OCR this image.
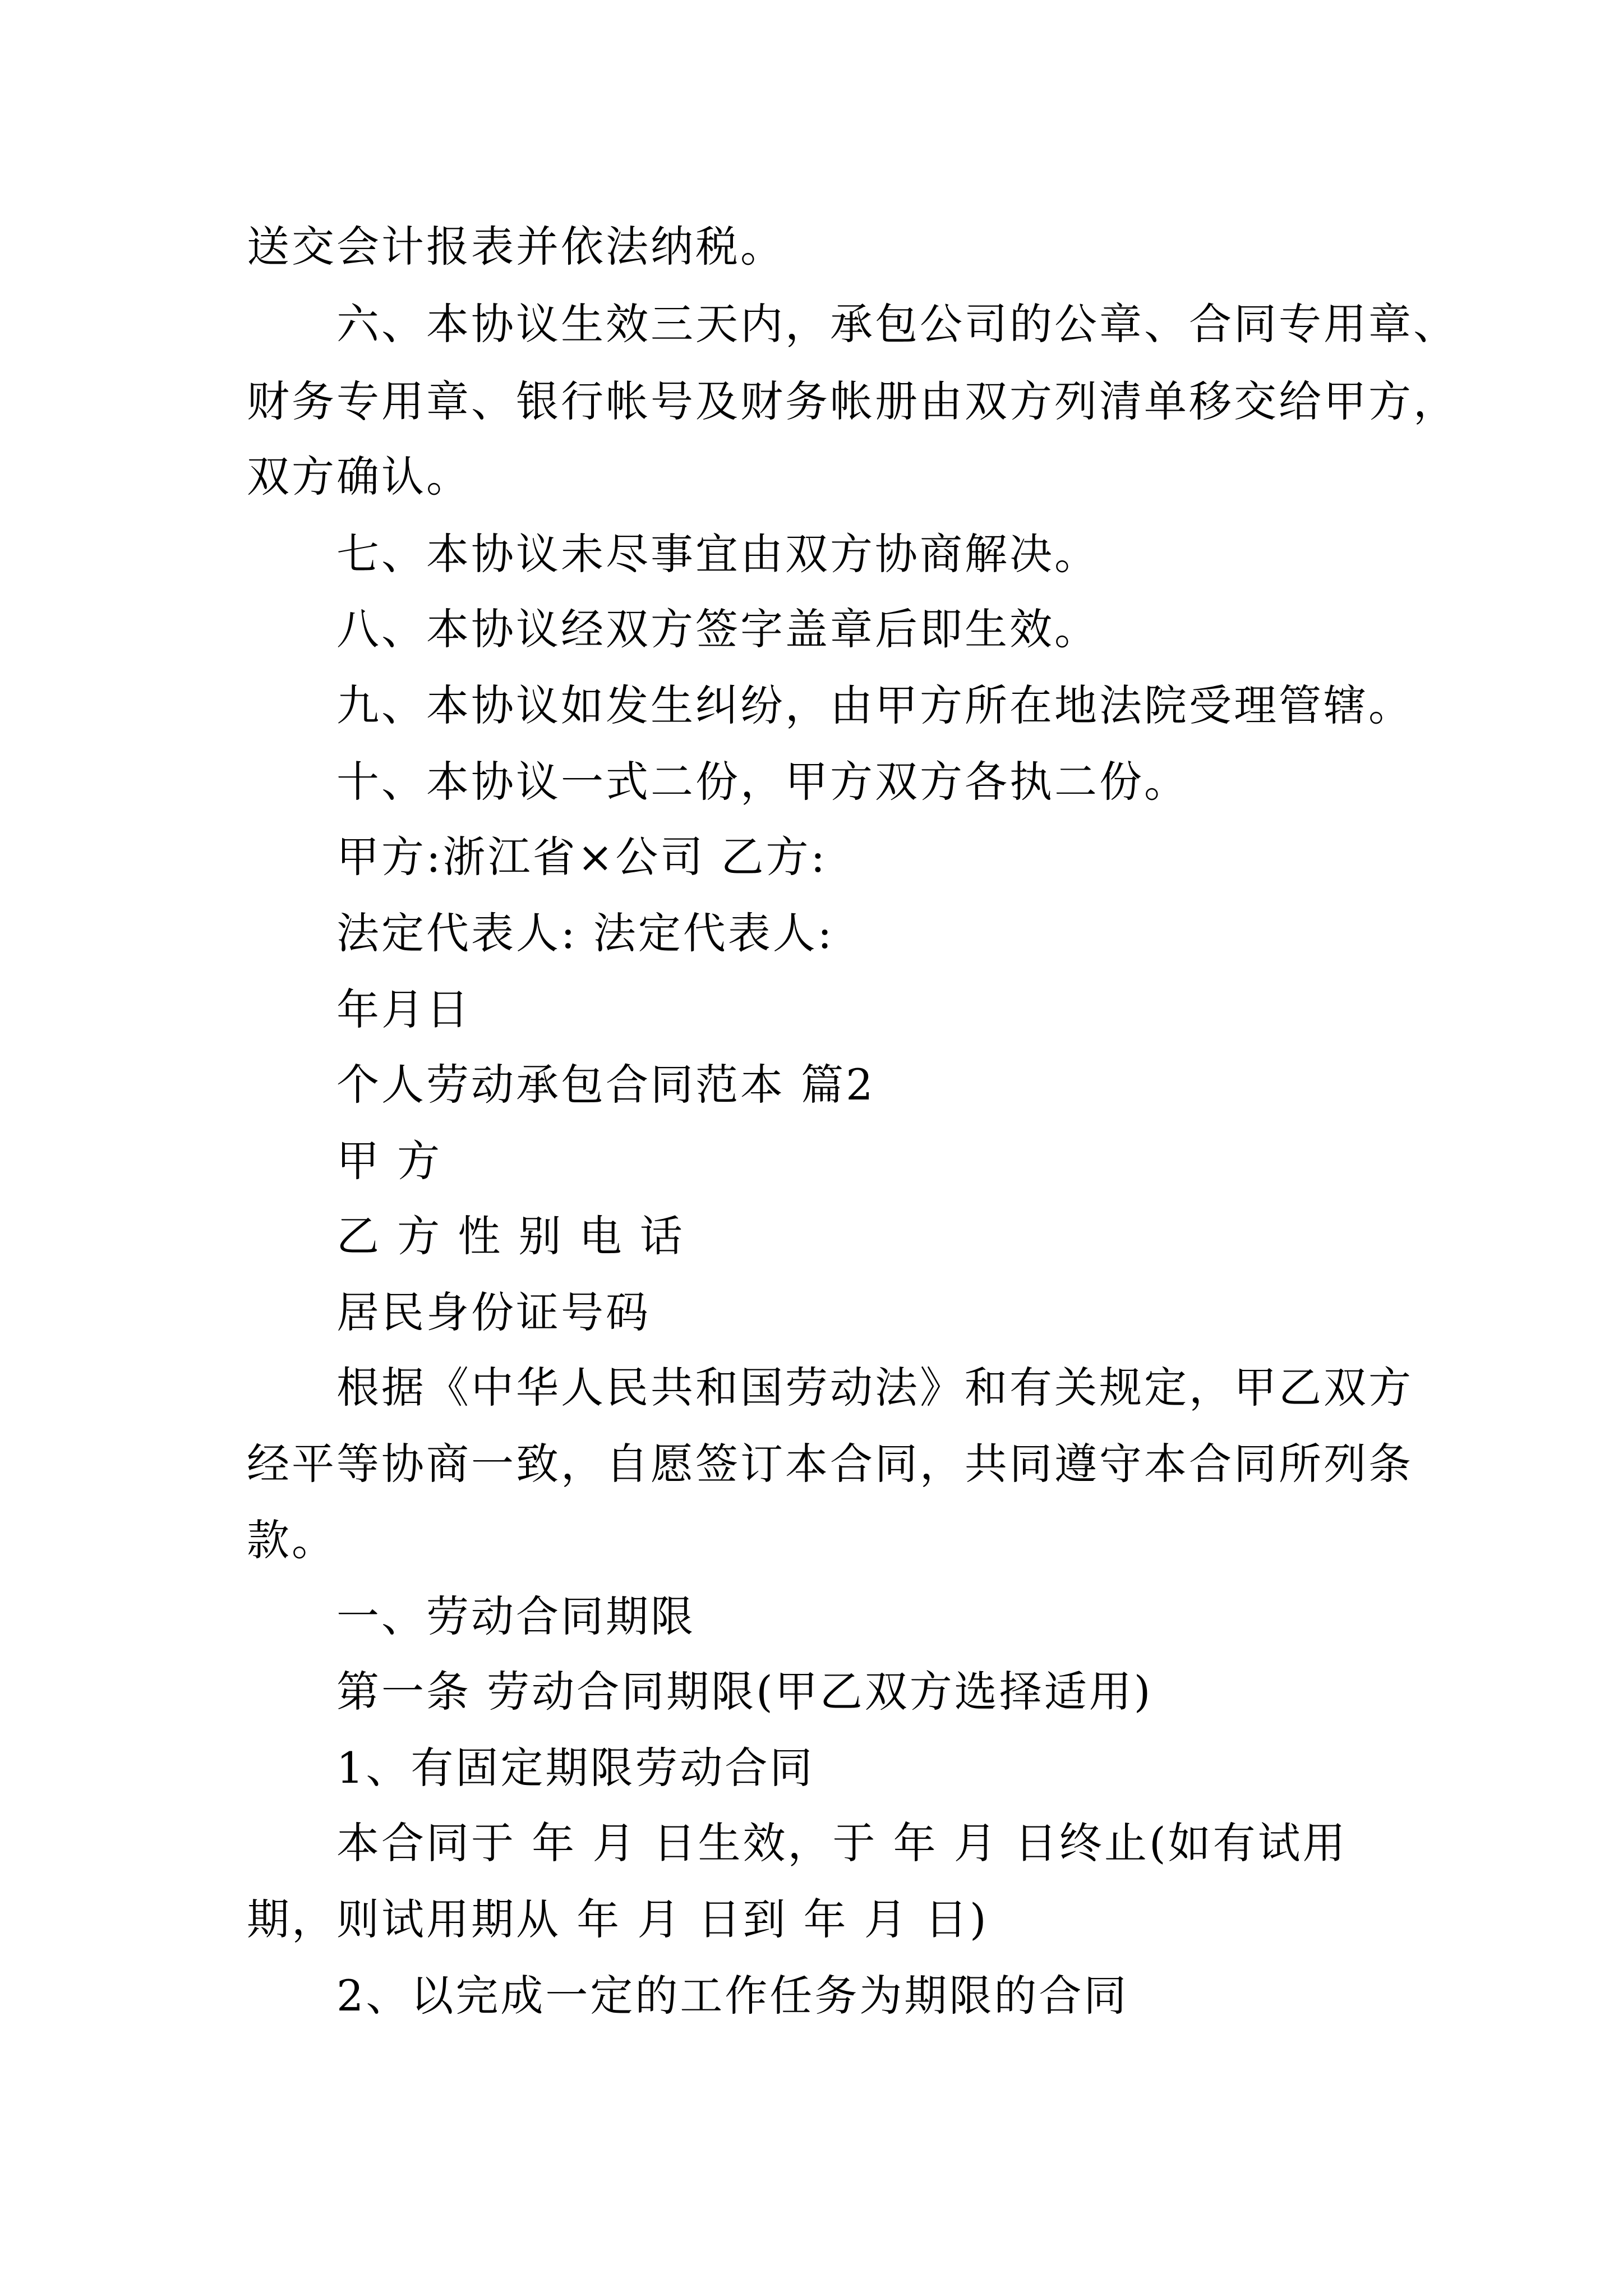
送交会计报表并依法纳税。
六、本协议生效三天内，承包公司的公章、合同专用章、
财务专用章、银行帐号及财务帐册由双方列清单移交给甲方，
双方确认。
七、本协议未尽事宜由双方协商解决。
八、本协议经双方签字盖章后即生效。
九、本协议如发生纠纷，由甲方所在地法院受理管辖。
十、本协议一式二份，甲方双方各执二份。
甲方:浙江省×公司 乙方:
法定代表人: 法定代表人:
年月日
个人劳动承包合同范本 篇2
甲 方
乙 方 性 别 电 话
居民身份证号码
根据《中华人民共和国劳动法》和有关规定，甲乙双方
经平等协商一致，自愿签订本合同，共同遵守本合同所列条
款。
一、劳动合同期限
第一条 劳动合同期限(甲乙双方选择适用)
1、有固定期限劳动合同
本合同于 年 月 日生效，于 年 月 日终止(如有试用
期，则试用期从 年 月 日到 年 月 日)
2、以完成一定的工作任务为期限的合同
